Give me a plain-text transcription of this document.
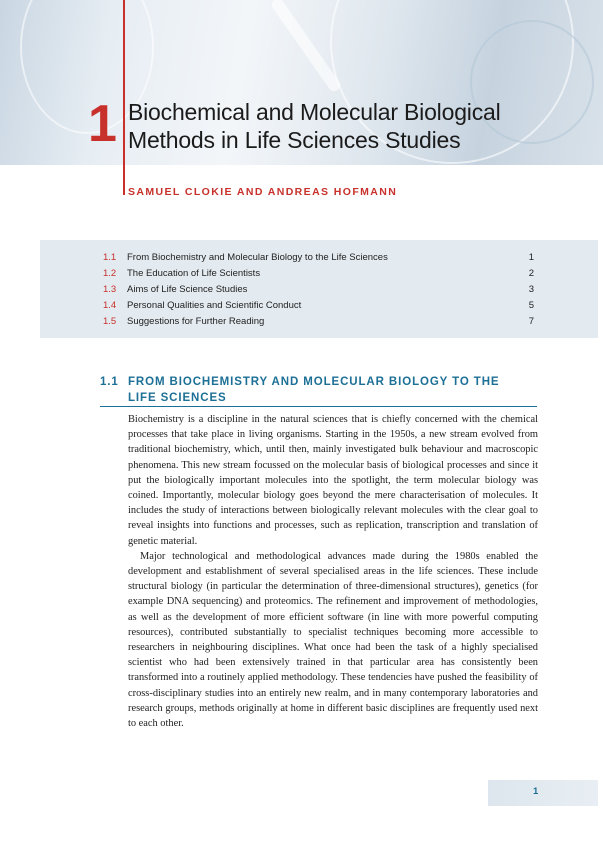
1 Biochemical and Molecular Biological Methods in Life Sciences Studies
SAMUEL CLOKIE AND ANDREAS HOFMANN
1.1 From Biochemistry and Molecular Biology to the Life Sciences	1
1.2 The Education of Life Scientists	2
1.3 Aims of Life Science Studies	3
1.4 Personal Qualities and Scientific Conduct	5
1.5 Suggestions for Further Reading	7
1.1 FROM BIOCHEMISTRY AND MOLECULAR BIOLOGY TO THE LIFE SCIENCES

Biochemistry is a discipline in the natural sciences that is chiefly concerned with the chemical processes that take place in living organisms. Starting in the 1950s, a new stream evolved from traditional biochemistry, which, until then, mainly investigated bulk behaviour and macroscopic phenomena. This new stream focussed on the molecular basis of biological processes and since it put the biologically important molecules into the spotlight, the term molecular biology was coined. Importantly, molecular biology goes beyond the mere characterisation of molecules. It includes the study of interactions between biologically relevant molecules with the clear goal to reveal insights into functions and processes, such as replication, transcription and translation of genetic material.

Major technological and methodological advances made during the 1980s enabled the development and establishment of several specialised areas in the life sciences. These include structural biology (in particular the determination of three-dimensional structures), genetics (for example DNA sequencing) and proteomics. The refinement and improvement of methodologies, as well as the development of more efficient software (in line with more powerful computing resources), contributed substantially to specialist techniques becoming more accessible to researchers in neighbouring disciplines. What once had been the task of a highly specialised scientist who had been extensively trained in that particular area has consistently been transformed into a routinely applied methodology. These tendencies have pushed the feasibility of cross-disciplinary studies into an entirely new realm, and in many contemporary laboratories and research groups, methods originally at home in different basic disciplines are frequently used next to each other.

1
